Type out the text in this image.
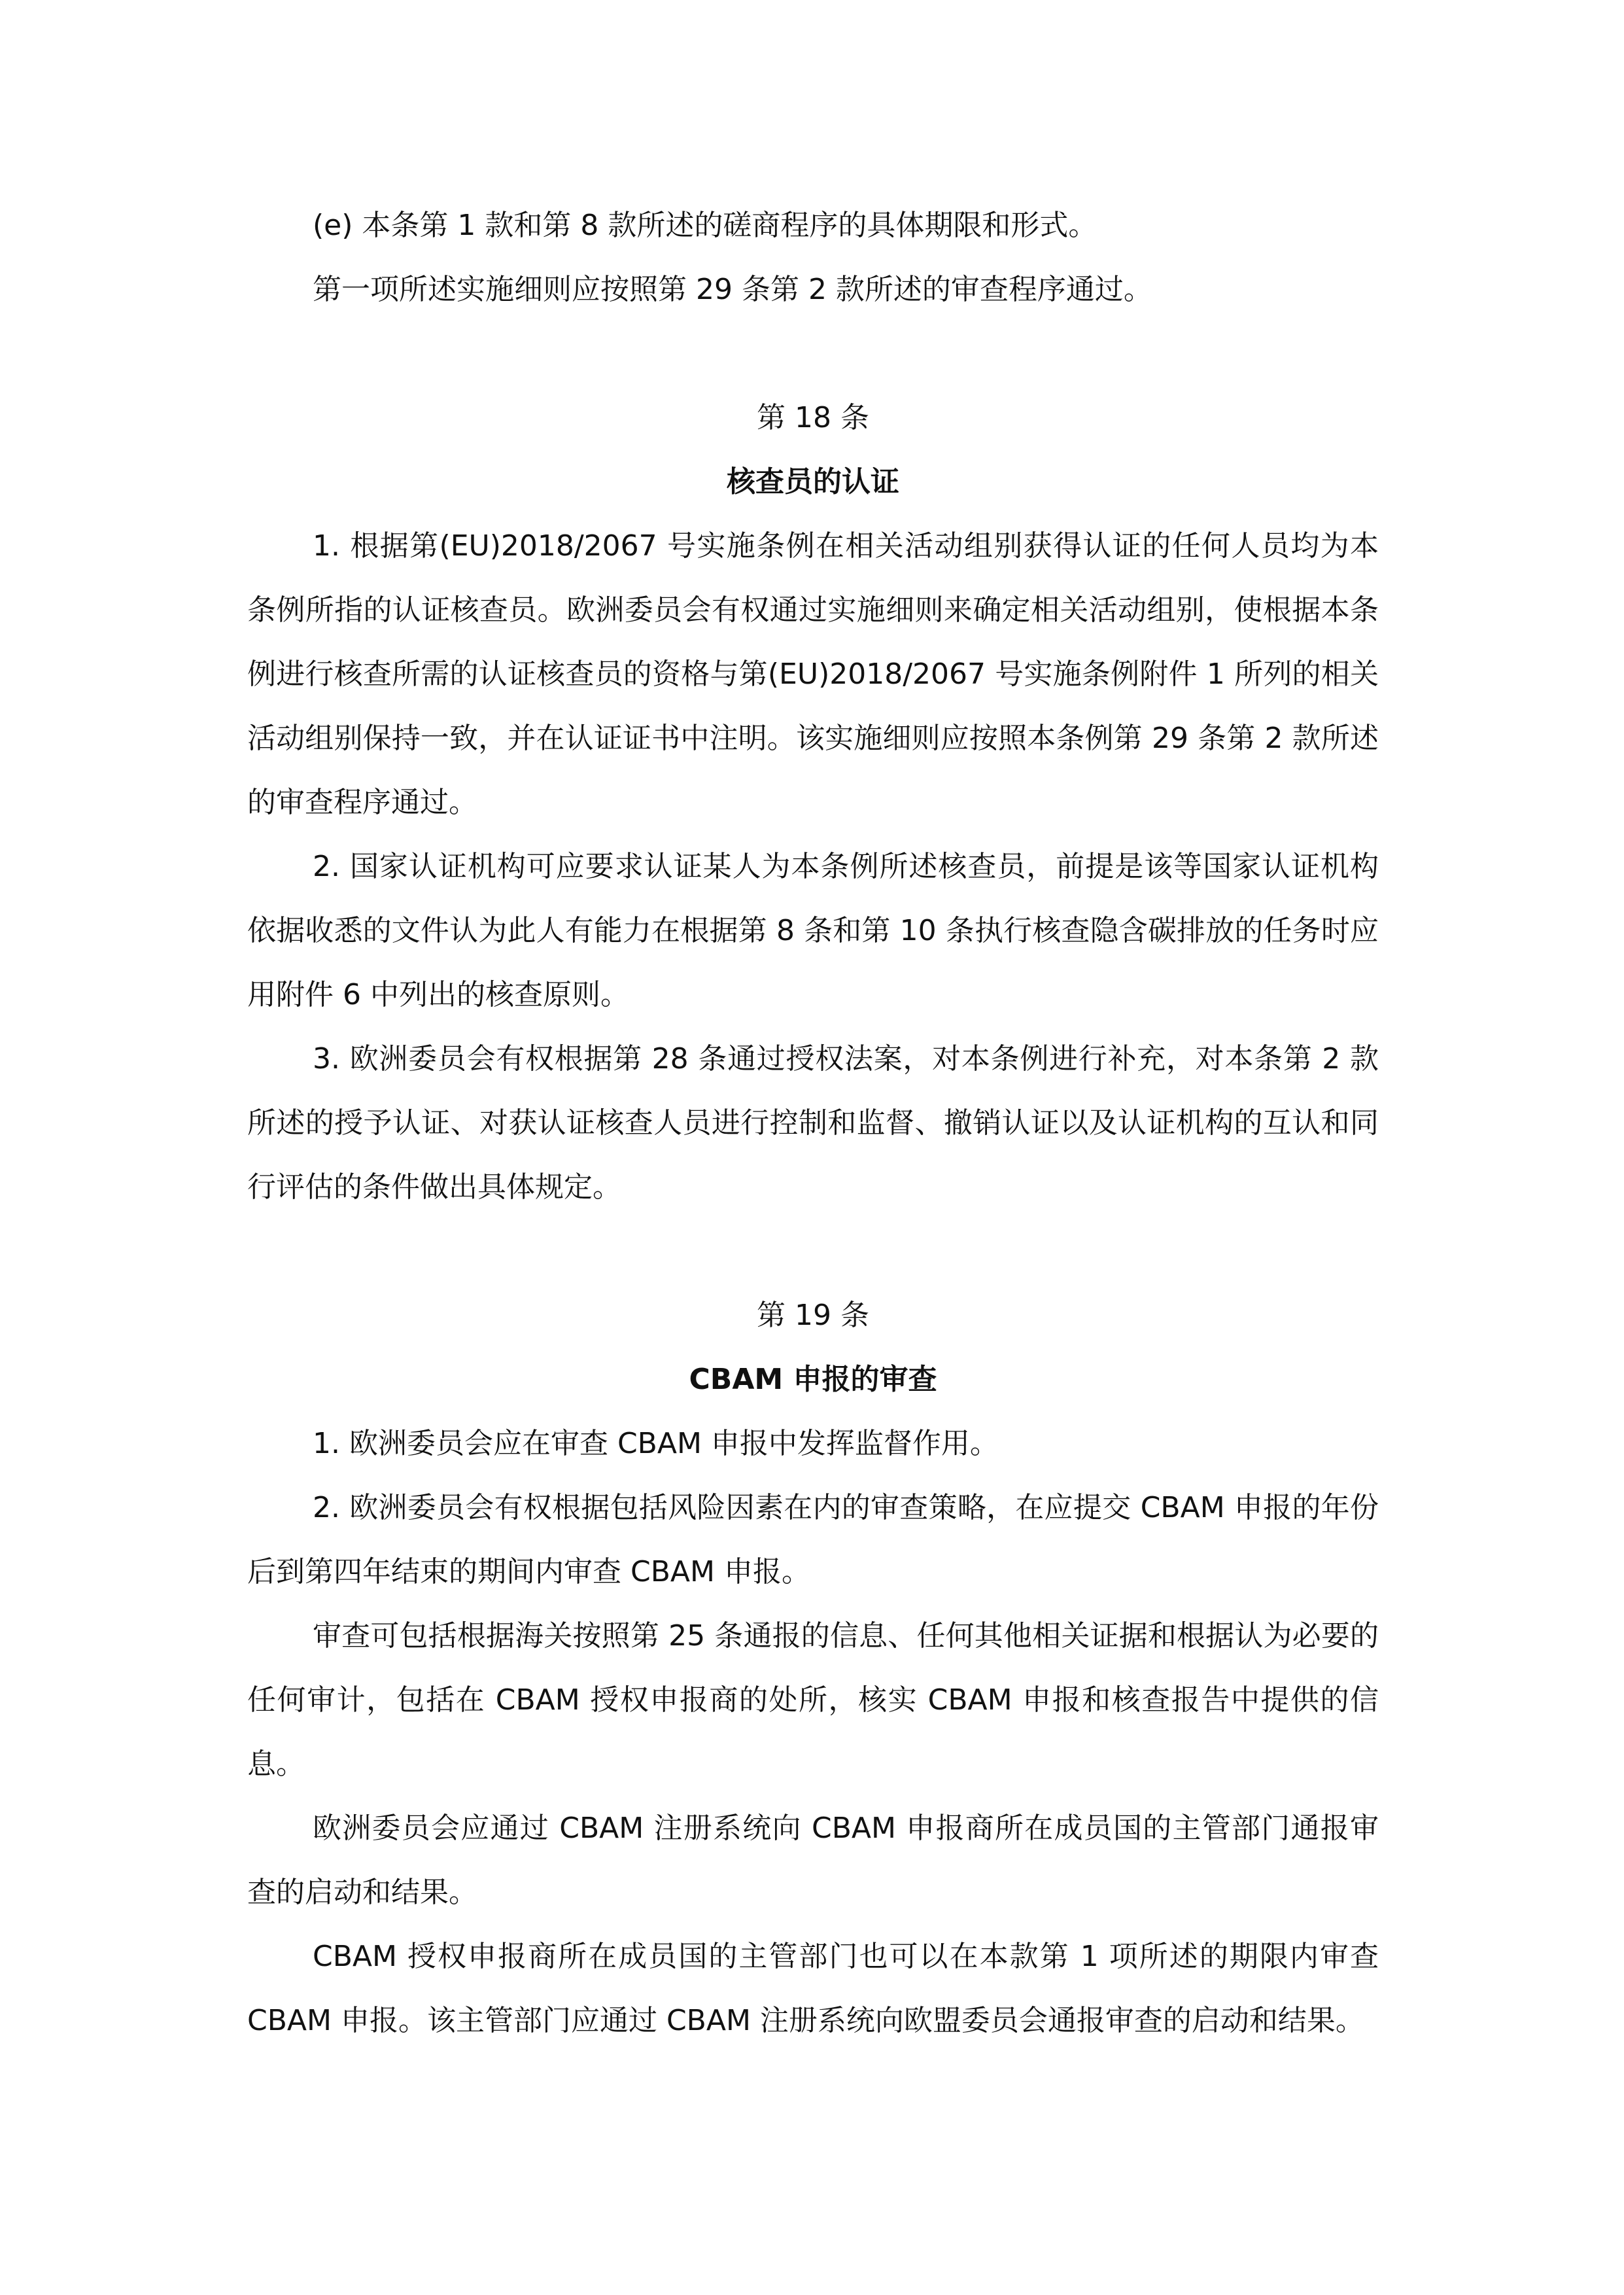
(e) 本条第 1 款和第 8 款所述的磋商程序的具体期限和形式。

第一项所述实施细则应按照第 29 条第 2 款所述的审查程序通过。

第 18 条

核查员的认证

1. 根据第(EU)2018/2067 号实施条例在相关活动组别获得认证的任何人员均为本条例所指的认证核查员。欧洲委员会有权通过实施细则来确定相关活动组别，使根据本条例进行核查所需的认证核查员的资格与第(EU)2018/2067 号实施条例附件 1 所列的相关活动组别保持一致，并在认证证书中注明。该实施细则应按照本条例第 29 条第 2 款所述的审查程序通过。

2. 国家认证机构可应要求认证某人为本条例所述核查员，前提是该等国家认证机构依据收悉的文件认为此人有能力在根据第 8 条和第 10 条执行核查隐含碳排放的任务时应用附件 6 中列出的核查原则。

3. 欧洲委员会有权根据第 28 条通过授权法案，对本条例进行补充，对本条第 2 款所述的授予认证、对获认证核查人员进行控制和监督、撤销认证以及认证机构的互认和同行评估的条件做出具体规定。

第 19 条

CBAM 申报的审查

1. 欧洲委员会应在审查 CBAM 申报中发挥监督作用。

2. 欧洲委员会有权根据包括风险因素在内的审查策略，在应提交 CBAM 申报的年份后到第四年结束的期间内审查 CBAM 申报。

审查可包括根据海关按照第 25 条通报的信息、任何其他相关证据和根据认为必要的任何审计，包括在 CBAM 授权申报商的处所，核实 CBAM 申报和核查报告中提供的信息。

欧洲委员会应通过 CBAM 注册系统向 CBAM 申报商所在成员国的主管部门通报审查的启动和结果。

CBAM 授权申报商所在成员国的主管部门也可以在本款第 1 项所述的期限内审查 CBAM 申报。该主管部门应通过 CBAM 注册系统向欧盟委员会通报审查的启动和结果。
